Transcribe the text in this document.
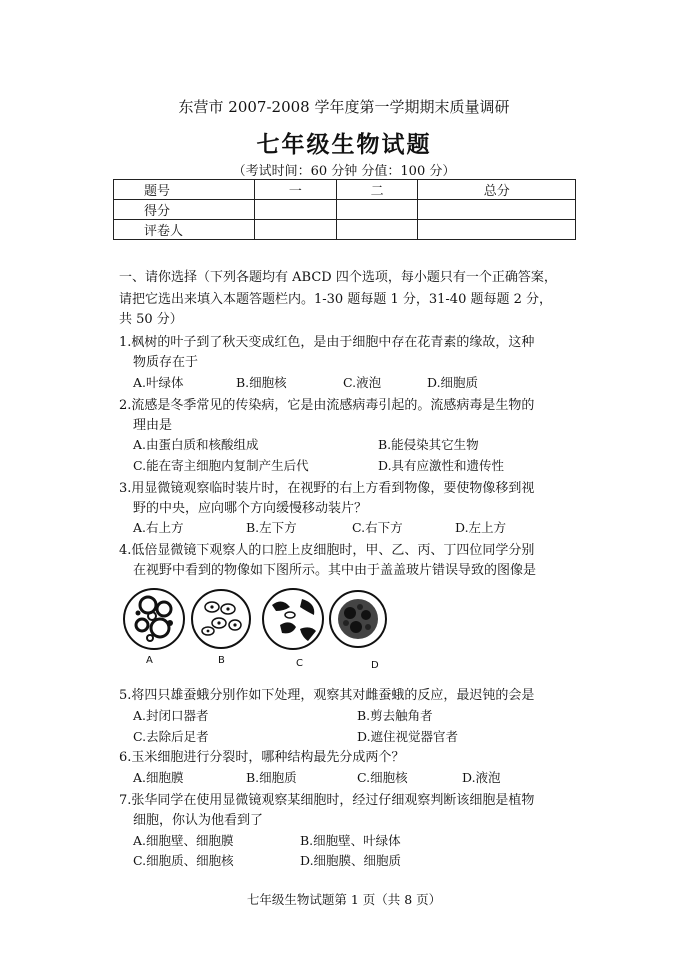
东营市 2007-2008 学年度第一学期期末质量调研
七年级生物试题
（考试时间：60 分钟 分值：100 分）
题号	一	二	总分
得分			
评卷人			
一、请你选择（下列各题均有 ABCD 四个选项，每小题只有一个正确答案，
请把它选出来填入本题答题栏内。1-30 题每题 1 分，31-40 题每题 2 分，
共 50 分）
1.枫树的叶子到了秋天变成红色，是由于细胞中存在花青素的缘故，这种
物质存在于
A.叶绿体	B.细胞核	C.液泡	D.细胞质
2.流感是冬季常见的传染病，它是由流感病毒引起的。流感病毒是生物的
理由是
A.由蛋白质和核酸组成	B.能侵染其它生物
C.能在寄主细胞内复制产生后代	D.具有应激性和遗传性
3.用显微镜观察临时装片时，在视野的右上方看到物像，要使物像移到视
野的中央，应向哪个方向缓慢移动装片？
A.右上方	B.左下方	C.右下方	D.左上方
4.低倍显微镜下观察人的口腔上皮细胞时，甲、乙、丙、丁四位同学分别
在视野中看到的物像如下图所示。其中由于盖盖玻片错误导致的图像是
A	B	C	D
5.将四只雄蚕蛾分别作如下处理，观察其对雌蚕蛾的反应，最迟钝的会是
A.封闭口器者	B.剪去触角者
C.去除后足者	D.遮住视觉器官者
6.玉米细胞进行分裂时，哪种结构最先分成两个？
A.细胞膜	B.细胞质	C.细胞核	D.液泡
7.张华同学在使用显微镜观察某细胞时，经过仔细观察判断该细胞是植物
细胞，你认为他看到了
A.细胞壁、细胞膜	B.细胞壁、叶绿体
C.细胞质、细胞核	D.细胞膜、细胞质
七年级生物试题第 1 页（共 8 页）
